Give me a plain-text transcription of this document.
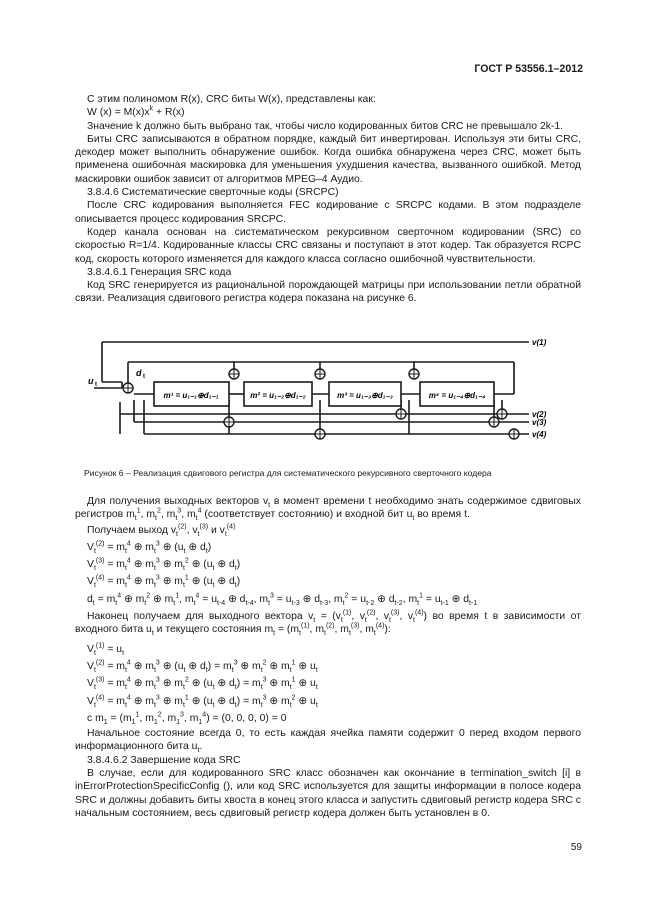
ГОСТ Р 53556.1–2012

С этим полиномом R(x), CRC биты W(x), представлены как:

W $(x) = M(x)x^k + R(x)$

Значение k должно быть выбрано так, чтобы число кодированных битов CRC не превышало 2k-1.

Биты CRC записываются в обратном порядке, каждый бит инвертирован. Используя эти биты CRC, декодер может выполнить обнаружение ошибок. Когда ошибка обнаружена через CRC, может быть применена ошибочная маскировка для уменьшения ухудшения качества, вызванного ошибкой. Метод маскировки ошибок зависит от алгоритмов MPEG–4 Аудио.

3.8.4.6 Систематические сверточные коды (SRCPC)

После CRC кодирования выполняется FEC кодирование с SRCPC кодами. В этом подразделе описывается процесс кодирования SRCPC.

Кодер канала основан на систематическом рекурсивном сверточном кодировании (SRC) со скоростью R=1/4. Кодированные классы CRC связаны и поступают в этот кодер. Так образуется RCPC код, скорость которого изменяется для каждого класса согласно ошибочной чувствительности.

3.8.4.6.1 Генерация SRC кода

Код SRC генерируется из рациональной порождающей матрицы при использовании петли обратной связи. Реализация сдвигового регистра кодера показана на рисунке 6.

m¹ = u₁₋₁⊕d₁₋₁	m² = u₁₋₂⊕d₁₋₂	m³ = u₁₋₃⊕d₁₋₃	m⁴ = u₁₋₄⊕d₁₋₄
u t
d t
v(1)
v(2)
v(3)
v(4)
Рисунок 6 – Реализация сдвигового регистра для систематического рекурсивного сверточного кодера

Для получения выходных векторов $v_t$ в момент времени t необходимо знать содержимое сдвиговых регистров $m_t^1$, $m_t^2$, $m_t^3$, $m_t^4$ (соответствует состоянию) и входной бит $u_t$ во время t.

Получаем выход $v_t^{(2)}$, $v_t^{(3)}$ и $v_t^{(4)}$

$V_t^{(2)} = m_t^4$ ⊕ $m_t^3$ ⊕ ($u_t$ ⊕ $d_t$)

$V_t^{(3)} = m_t^4$ ⊕ $m_t^3$ ⊕ $m_t^2$ ⊕ ($u_t$ ⊕ $d_t$)

$V_t^{(4)} = m_t^4$ ⊕ $m_t^3$ ⊕ $m_t^1$ ⊕ ($u_t$ ⊕ $d_t$)

$d_t = m_t^4$ ⊕ $m_t^2$ ⊕ $m_t^1$, $m_t^4 = u_{t-4}$ ⊕ $d_{t-4}$, $m_t^3 = u_{t-3}$ ⊕ $d_{t-3}$, $m_t^2 = u_{t-2}$ ⊕ $d_{t-2}$, $m_t^1 = u_{t-1}$ ⊕ $d_{t-1}$

Наконец получаем для выходного вектора $v_t = (v_t^{(1)}$, $v_t^{(2)}$, $v_t^{(3)}$, $v_t^{(4)}$) во время t в зависимости от входного бита $u_t$ и текущего состояния $m_t = (m_t^{(1)}$, $m_t^{(2)}$, $m_t^{(3)}$, $m_t^{(4)}$):

$V_t^{(1)} = u_t$

$V_t^{(2)} = m_t^4$ ⊕ $m_t^3$ ⊕ ($u_t$ ⊕ $d_t) = m_t^3$ ⊕ $m_t^2$ ⊕ $m_t^1$ ⊕ $u_t$

$V_t^{(3)} = m_t^4$ ⊕ $m_t^3$ ⊕ $m_t^2$ ⊕ ($u_t$ ⊕ $d_t) = m_t^3$ ⊕ $m_t^1$ ⊕ $u_t$

$V_t^{(4)} = m_t^4$ ⊕ $m_t^3$ ⊕ $m_t^1$ ⊕ ($u_t$ ⊕ $d_t) = m_t^3$ ⊕ $m_t^2$ ⊕ $u_t$

с $m_1 = (m_1^1$, $m_1^2$, $m_1^3$, $m_1^4) = (0$, 0, 0, 0) = 0

Начальное состояние всегда 0, то есть каждая ячейка памяти содержит 0 перед входом первого информационного бита $u_t$.

3.8.4.6.2 Завершение кода SRC

В случае, если для кодированного SRC класс обозначен как окончание в termination_switch [i] в inErrorProtectionSpecificConfig (), или код SRC используется для защиты информации в полосе кодера SRC и должны добавить биты хвоста в конец этого класса и запустить сдвиговый регистр кодера SRC с начальным состоянием, весь сдвиговый регистр кодера должен быть установлен в 0.

59
